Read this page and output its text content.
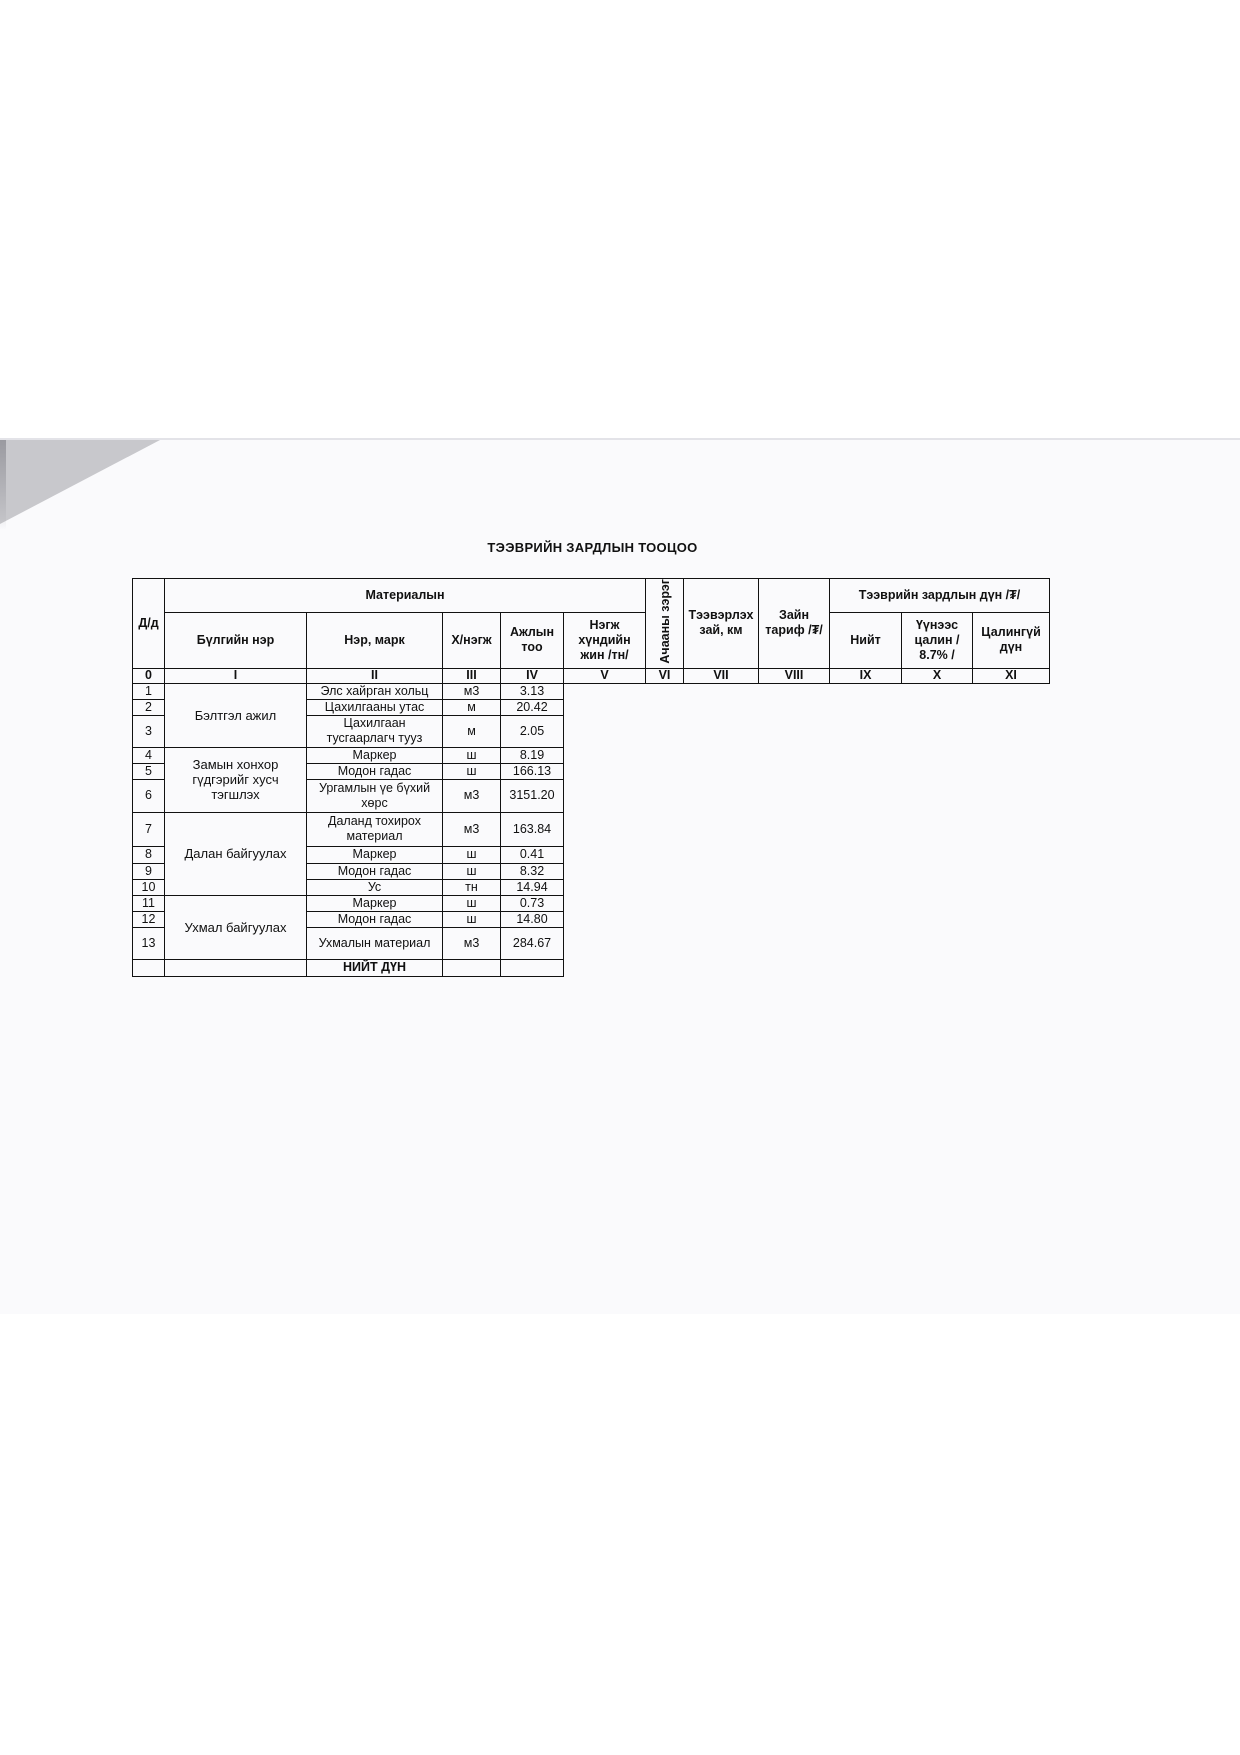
ТЭЭВРИЙН ЗАРДЛЫН ТООЦОО
Д/д	Материалын					Ачааны зэрэг	Тээвэрлэх зай, км	Зайн тариф /₮/	Тээврийн зардлын дүн /₮/		
	Бүлгийн нэр	Нэр, марк	Х/нэгж	Ажлын тоо	Нэгж хүндийн жин /тн/				Нийт	Үүнээс цалин / 8.7% /	Цалингүй дүн
0	I	II	III	IV	V	VI	VII	VIII	IX	X	XI
1	Бэлтгэл ажил	Элс хайрган хольц	м3	3.13							
2		Цахилгааны утас	м	20.42							
3		Цахилгаан тусгаарлагч тууз	м	2.05							
4	Замын хонхор гүдгэрийг хусч тэгшлэх	Маркер	ш	8.19							
5		Модон гадас	ш	166.13							
6		Ургамлын үе бүхий хөрс	м3	3151.20							
7	Далан байгуулах	Даланд тохирох материал	м3	163.84							
8		Маркер	ш	0.41							
9		Модон гадас	ш	8.32							
10		Ус	тн	14.94							
11	Ухмал байгуулах	Маркер	ш	0.73							
12		Модон гадас	ш	14.80							
13		Ухмалын материал	м3	284.67							
		НИЙТ ДҮН									
